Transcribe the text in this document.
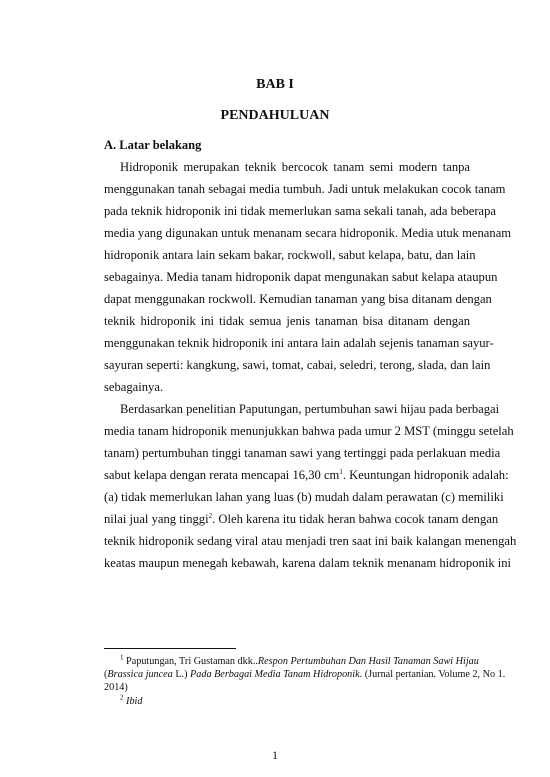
BAB I
PENDAHULUAN
A. Latar belakang
Hidroponik merupakan teknik bercocok tanam semi modern tanpa
menggunakan tanah sebagai media tumbuh. Jadi untuk melakukan cocok tanam
pada teknik hidroponik ini tidak memerlukan sama sekali tanah, ada beberapa
media yang digunakan untuk menanam secara hidroponik. Media utuk menanam
hidroponik antara lain sekam bakar, rockwoll, sabut kelapa, batu, dan lain
sebagainya. Media tanam hidroponik dapat mengunakan sabut kelapa ataupun
dapat menggunakan rockwoll. Kemudian tanaman yang bisa ditanam dengan
teknik hidroponik ini tidak semua jenis tanaman bisa ditanam dengan
menggunakan teknik hidroponik ini antara lain adalah sejenis tanaman sayur-
sayuran seperti: kangkung, sawi, tomat, cabai, seledri, terong, slada, dan lain
sebagainya.
Berdasarkan penelitian Paputungan, pertumbuhan sawi hijau pada berbagai
media tanam hidroponik menunjukkan bahwa pada umur 2 MST (minggu setelah
tanam) pertumbuhan tinggi tanaman sawi yang tertinggi pada perlakuan media
sabut kelapa dengan rerata mencapai 16,30 $cm^1$. Keuntungan hidroponik adalah:
(a) tidak memerlukan lahan yang luas (b) mudah dalam perawatan (c) memiliki
nilai jual yang tinggi$^2$. Oleh karena itu tidak heran bahwa cocok tanam dengan
teknik hidroponik sedang viral atau menjadi tren saat ini baik kalangan menengah
keatas maupun menegah kebawah, karena dalam teknik menanam hidroponik ini
$^1$ Paputungan, Tri Gustaman dkk..Respon Pertumbuhan Dan Hasil Tanaman Sawi Hijau
(Brassica juncea L.) Pada Berbagai Media Tanam Hidroponik. (Jurnal pertanian. Volume 2, No 1.
2014)
$^2$ Ibid
1
